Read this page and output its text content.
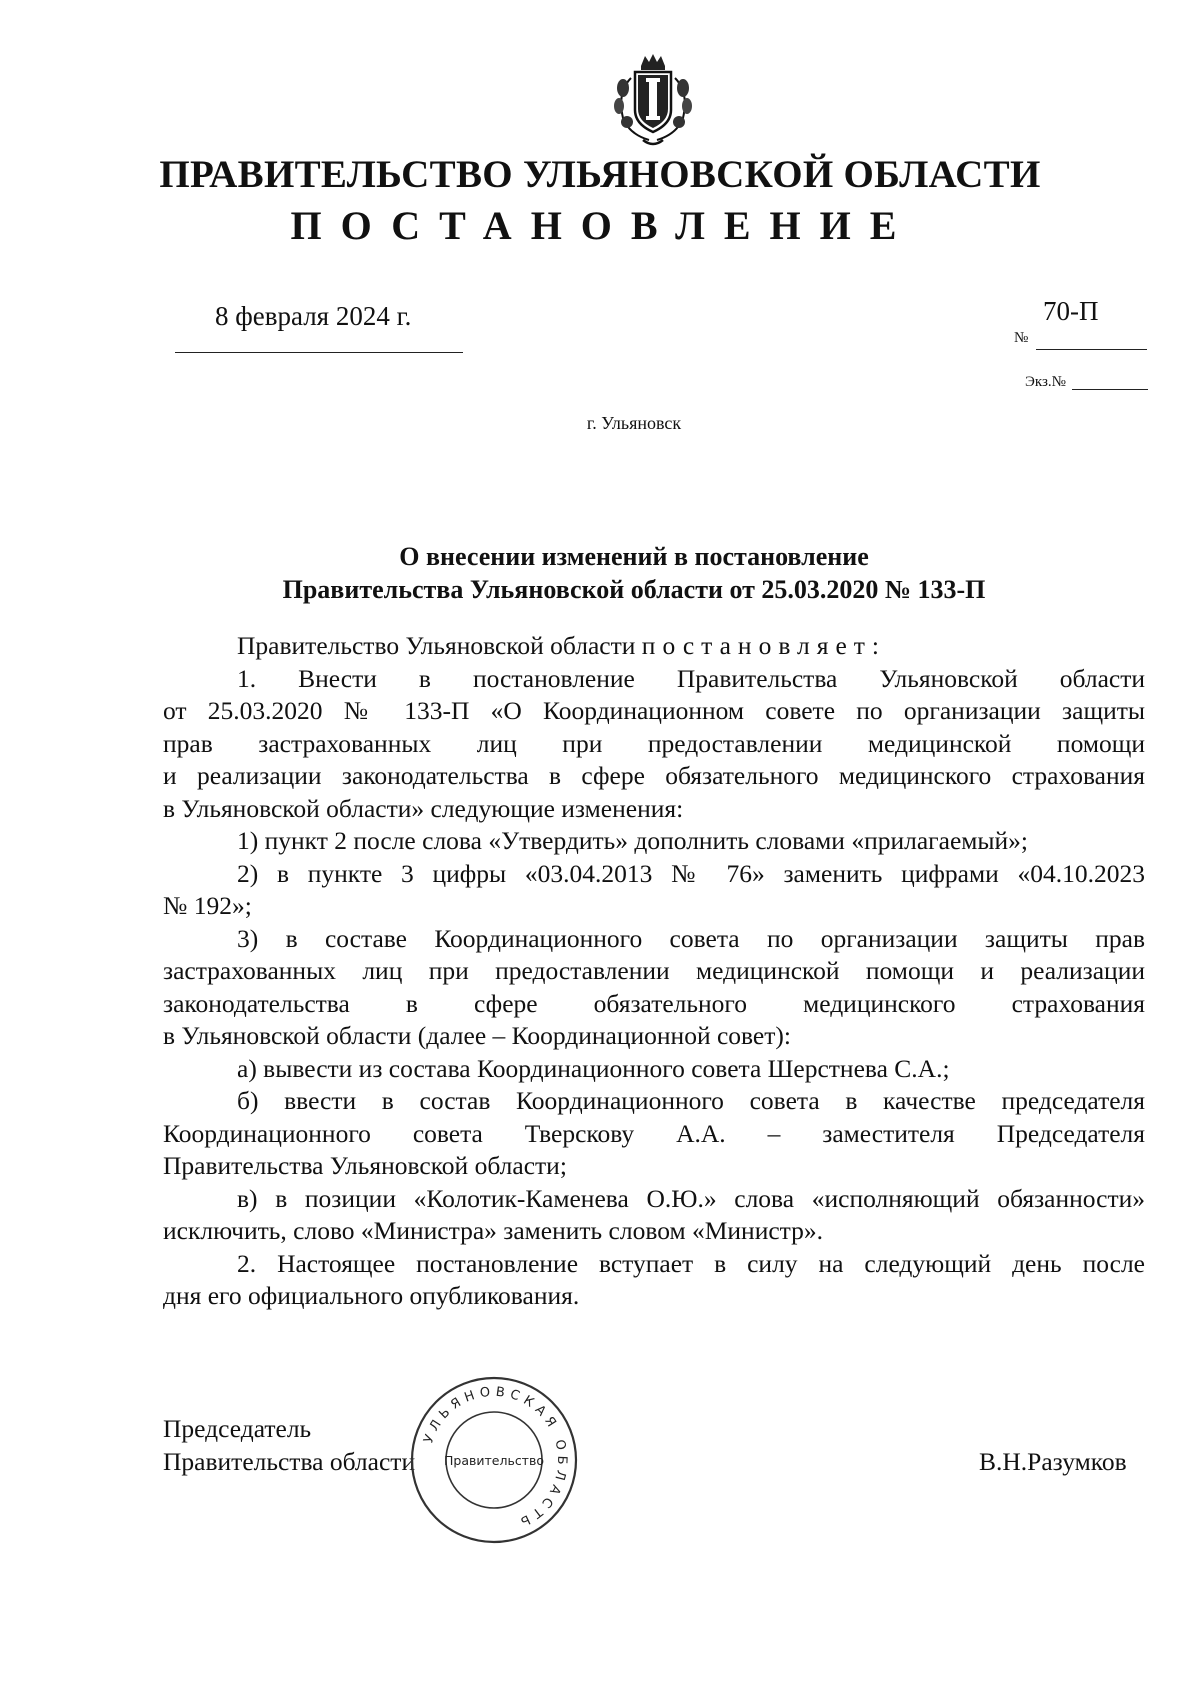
ПРАВИТЕЛЬСТВО УЛЬЯНОВСКОЙ ОБЛАСТИ
ПОСТАНОВЛЕНИЕ
8 февраля 2024 г.	70-П
№
Экз.№
г. Ульяновск
О внесении изменений в постановление
Правительства Ульяновской области от 25.03.2020 № 133-П

Правительство Ульяновской области постановляет:

1. Внести в постановление Правительства Ульяновской области

от 25.03.2020 № 133-П «О Координационном совете по организации защиты

прав застрахованных лиц при предоставлении медицинской помощи

и реализации законодательства в сфере обязательного медицинского страхования

в Ульяновской области» следующие изменения:

1) пункт 2 после слова «Утвердить» дополнить словами «прилагаемый»;

2) в пункте 3 цифры «03.04.2013 № 76» заменить цифрами «04.10.2023

№ 192»;

3) в составе Координационного совета по организации защиты прав

застрахованных лиц при предоставлении медицинской помощи и реализации

законодательства в сфере обязательного медицинского страхования

в Ульяновской области (далее – Координационной совет):

а) вывести из состава Координационного совета Шерстнева С.А.;

б) ввести в состав Координационного совета в качестве председателя

Координационного совета Тверскову А.А. – заместителя Председателя

Правительства Ульяновской области;

в) в позиции «Колотик-Каменева О.Ю.» слова «исполняющий обязанности»

исключить, слово «Министра» заменить словом «Министр».

2. Настоящее постановление вступает в силу на следующий день после

дня его официального опубликования.

Председатель
Правительства области	В.Н.Разумков
УЛЬЯНОВСКАЯ ОБЛАСТЬ
Правительство
